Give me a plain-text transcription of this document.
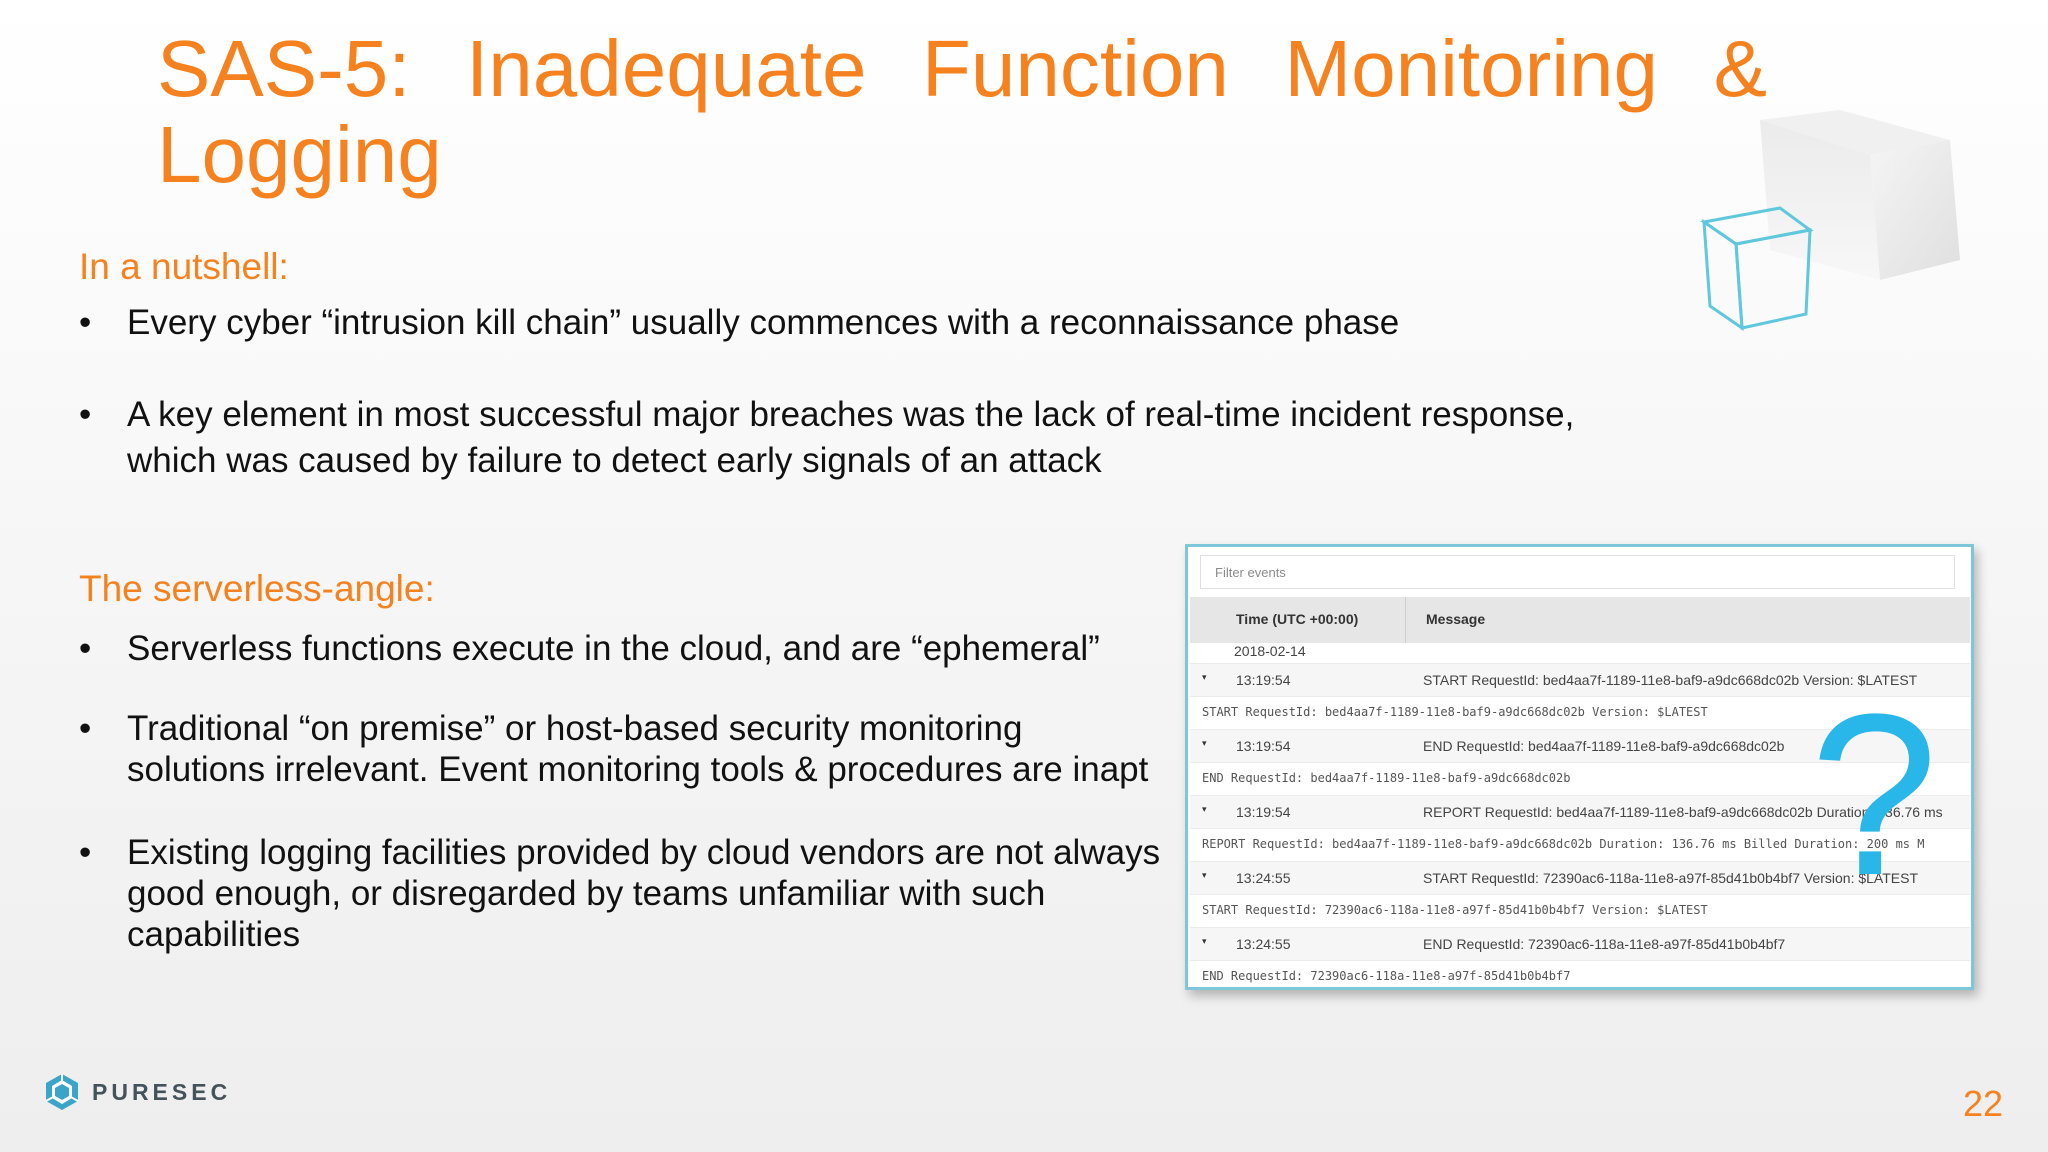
SAS-5: Inadequate Function Monitoring &
Logging
In a nutshell:
•	Every cyber “intrusion kill chain” usually commences with a reconnaissance phase
•	A key element in most successful major breaches was the lack of real-time incident response,
which was caused by failure to detect early signals of an attack
The serverless-angle:
•	Serverless functions execute in the cloud, and are “ephemeral”
•	Traditional “on premise” or host-based security monitoring
solutions irrelevant. Event monitoring tools & procedures are inapt
•	Existing logging facilities provided by cloud vendors are not always
good enough, or disregarded by teams unfamiliar with such
capabilities
Filter events
Time (UTC +00:00)	Message
2018-02-14
▾ 13:19:54	START RequestId: bed4aa7f-1189-11e8-baf9-a9dc668dc02b Version: $LATEST
START RequestId: bed4aa7f-1189-11e8-baf9-a9dc668dc02b Version: $LATEST
▾ 13:19:54	END RequestId: bed4aa7f-1189-11e8-baf9-a9dc668dc02b
END RequestId: bed4aa7f-1189-11e8-baf9-a9dc668dc02b
▾ 13:19:54	REPORT RequestId: bed4aa7f-1189-11e8-baf9-a9dc668dc02b Duration: 136.76 ms
REPORT RequestId: bed4aa7f-1189-11e8-baf9-a9dc668dc02b Duration: 136.76 ms Billed Duration: 200 ms M
▾ 13:24:55	START RequestId: 72390ac6-118a-11e8-a97f-85d41b0b4bf7 Version: $LATEST
START RequestId: 72390ac6-118a-11e8-a97f-85d41b0b4bf7 Version: $LATEST
▾ 13:24:55	END RequestId: 72390ac6-118a-11e8-a97f-85d41b0b4bf7
END RequestId: 72390ac6-118a-11e8-a97f-85d41b0b4bf7
?
PURESEC	22
